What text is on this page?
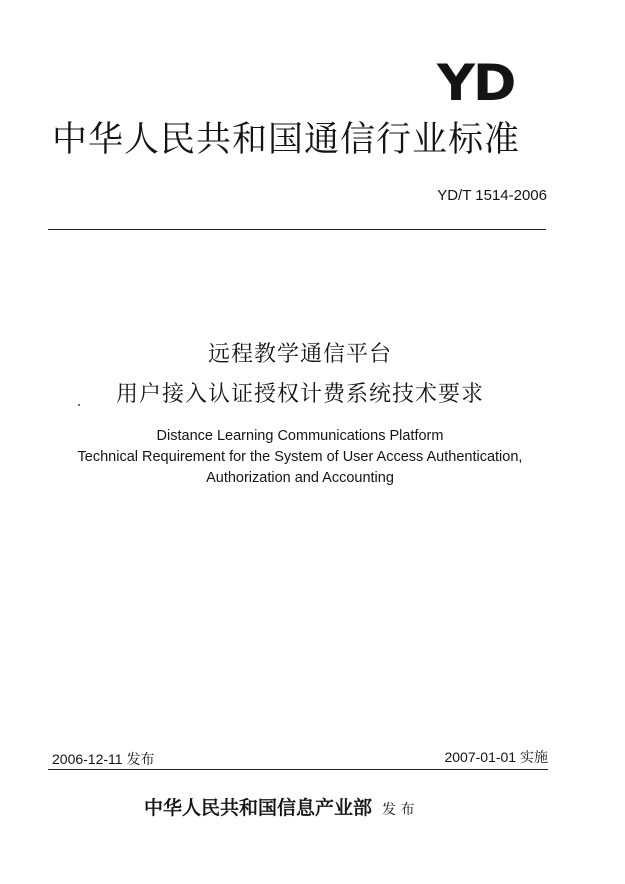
YD
中华人民共和国通信行业标准
YD/T 1514-2006
远程教学通信平台
用户接入认证授权计费系统技术要求
Distance Learning Communications Platform
Technical Requirement for the System of User Access Authentication,
Authorization and Accounting
2006-12-11 发布	2007-01-01 实施
中华人民共和国信息产业部 发 布
